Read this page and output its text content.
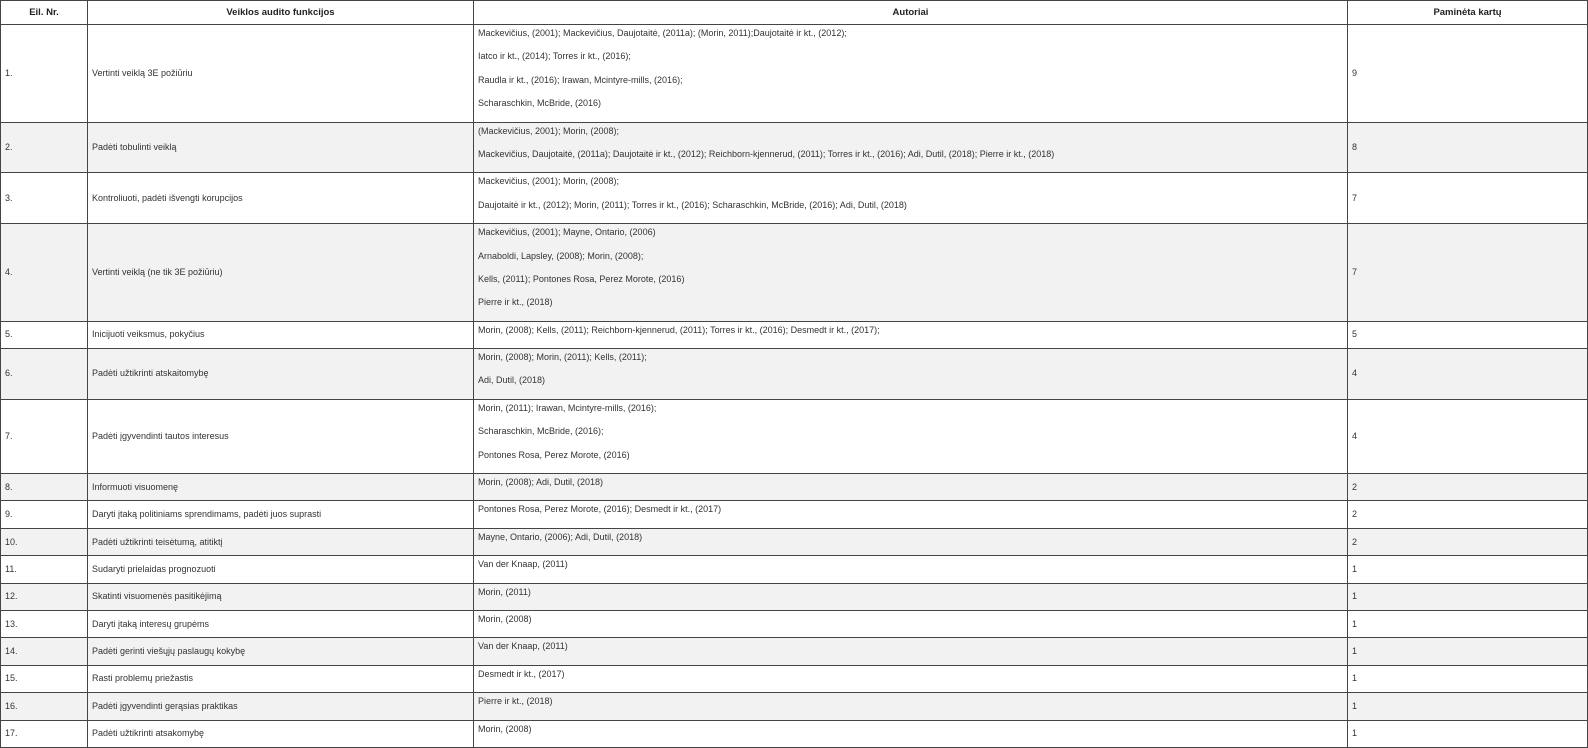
Eil. Nr.	Veiklos audito funkcijos	Autoriai	Paminėta kartų
1.	Vertinti veiklą 3E požiūriu	Mackevičius, (2001); Mackevičius, Daujotaitė, (2011a); (Morin, 2011);Daujotaitė ir kt., (2012);
Iatco ir kt., (2014); Torres ir kt., (2016);
Raudla ir kt., (2016); Irawan, Mcintyre-mills, (2016);
Scharaschkin, McBride, (2016)	9
2.	Padėti tobulinti veiklą	(Mackevičius, 2001); Morin, (2008);
Mackevičius, Daujotaitė, (2011a); Daujotaitė ir kt., (2012); Reichborn-kjennerud, (2011); Torres ir kt., (2016); Adi, Dutil, (2018); Pierre ir kt., (2018)	8
3.	Kontroliuoti, padėti išvengti korupcijos	Mackevičius, (2001); Morin, (2008);
Daujotaitė ir kt., (2012); Morin, (2011); Torres ir kt., (2016); Scharaschkin, McBride, (2016); Adi, Dutil, (2018)	7
4.	Vertinti veiklą (ne tik 3E požiūriu)	Mackevičius, (2001); Mayne, Ontario, (2006)
Arnaboldi, Lapsley, (2008); Morin, (2008);
Kells, (2011); Pontones Rosa, Perez Morote, (2016)
Pierre ir kt., (2018)	7
5.	Inicijuoti veiksmus, pokyčius	Morin, (2008); Kells, (2011); Reichborn-kjennerud, (2011); Torres ir kt., (2016); Desmedt ir kt., (2017);	5
6.	Padėti užtikrinti atskaitomybę	Morin, (2008); Morin, (2011); Kells, (2011);
Adi, Dutil, (2018)	4
7.	Padėti įgyvendinti tautos interesus	Morin, (2011); Irawan, Mcintyre-mills, (2016);
Scharaschkin, McBride, (2016);
Pontones Rosa, Perez Morote, (2016)	4
8.	Informuoti visuomenę	Morin, (2008); Adi, Dutil, (2018)	2
9.	Daryti įtaką politiniams sprendimams, padėti juos suprasti	Pontones Rosa, Perez Morote, (2016); Desmedt ir kt., (2017)	2
10.	Padėti užtikrinti teisėtumą, atitiktį	Mayne, Ontario, (2006); Adi, Dutil, (2018)	2
11.	Sudaryti prielaidas prognozuoti	Van der Knaap, (2011)	1
12.	Skatinti visuomenės pasitikėjimą	Morin, (2011)	1
13.	Daryti įtaką interesų grupėms	Morin, (2008)	1
14.	Padėti gerinti viešųjų paslaugų kokybę	Van der Knaap, (2011)	1
15.	Rasti problemų priežastis	Desmedt ir kt., (2017)	1
16.	Padėti įgyvendinti gerąsias praktikas	Pierre ir kt., (2018)	1
17.	Padėti užtikrinti atsakomybę	Morin, (2008)	1
